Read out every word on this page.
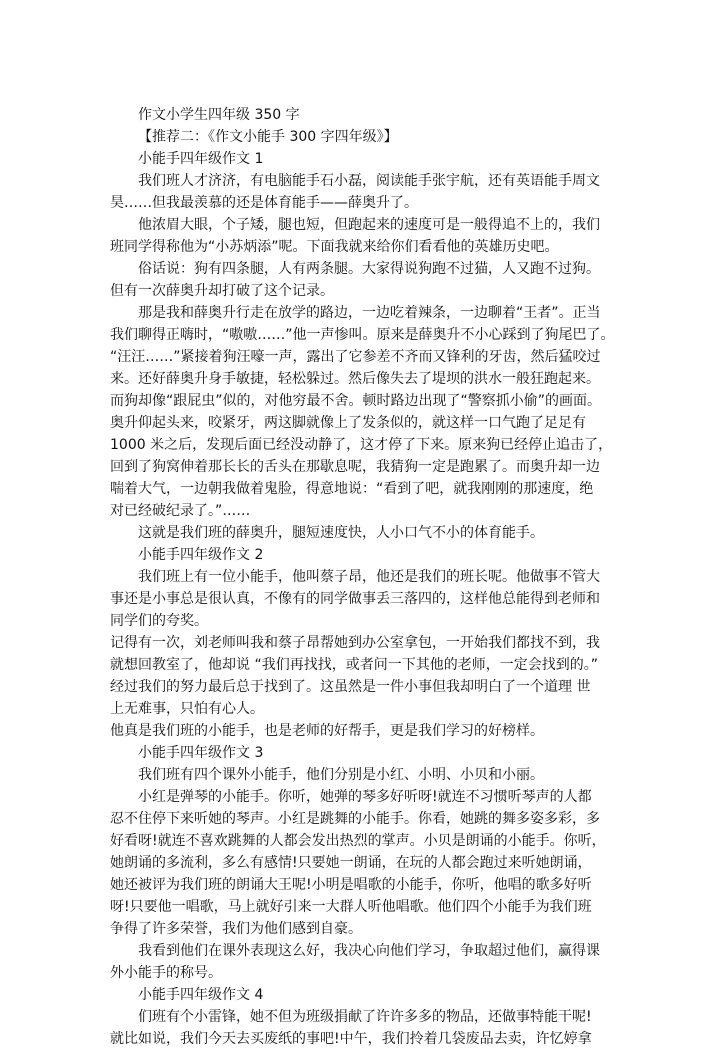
作文小学生四年级 350 字
【推荐二：《作文小能手 300 字四年级》】
小能手四年级作文 1
我们班人才济济，有电脑能手石小磊，阅读能手张宇航，还有英语能手周文
昊……但我最羡慕的还是体育能手——薛奥升了。
他浓眉大眼，个子矮，腿也短，但跑起来的速度可是一般得追不上的，我们
班同学得称他为“小苏炳添”呢。下面我就来给你们看看他的英雄历史吧。
俗话说：狗有四条腿，人有两条腿。大家得说狗跑不过猫，人又跑不过狗。
但有一次薛奥升却打破了这个记录。
那是我和薛奥升行走在放学的路边，一边吃着辣条，一边聊着“王者”。正当
我们聊得正嗨时，“嗷嗷……”他一声惨叫。原来是薛奥升不小心踩到了狗尾巴了。
“汪汪……”紧接着狗汪嚎一声，露出了它参差不齐而又锋利的牙齿，然后猛咬过
来。还好薛奥升身手敏捷，轻松躲过。然后像失去了堤坝的洪水一般狂跑起来。
而狗却像“跟屁虫”似的，对他穷最不舍。顿时路边出现了“警察抓小偷”的画面。
奥升仰起头来，咬紧牙，两这脚就像上了发条似的，就这样一口气跑了足足有
1000 米之后，发现后面已经没动静了，这才停了下来。原来狗已经停止追击了，
回到了狗窝伸着那长长的舌头在那歇息呢，我猜狗一定是跑累了。而奥升却一边
喘着大气，一边朝我做着鬼脸，得意地说：“看到了吧，就我刚刚的那速度，绝
对已经破纪录了。”……
这就是我们班的薛奥升，腿短速度快，人小口气不小的体育能手。
小能手四年级作文 2
我们班上有一位小能手，他叫蔡子昂，他还是我们的班长呢。他做事不管大
事还是小事总是很认真，不像有的同学做事丢三落四的，这样他总能得到老师和
同学们的夸奖。
记得有一次，刘老师叫我和蔡子昂帮她到办公室拿包，一开始我们都找不到，我
就想回教室了，他却说 “我们再找找，或者问一下其他的老师，一定会找到的。”
经过我们的努力最后总于找到了。这虽然是一件小事但我却明白了一个道理 世
上无难事，只怕有心人。
他真是我们班的小能手，也是老师的好帮手，更是我们学习的好榜样。
小能手四年级作文 3
我们班有四个课外小能手，他们分别是小红、小明、小贝和小丽。
小红是弹琴的小能手。你听，她弹的琴多好听呀!就连不习惯听琴声的人都
忍不住停下来听她的琴声。小红是跳舞的小能手。你看，她跳的舞多姿多彩，多
好看呀!就连不喜欢跳舞的人都会发出热烈的掌声。小贝是朗诵的小能手。你听，
她朗诵的多流利，多么有感情!只要她一朗诵，在玩的人都会跑过来听她朗诵，
她还被评为我们班的朗诵大王呢!小明是唱歌的小能手，你听，他唱的歌多好听
呀!只要他一唱歌，马上就好引来一大群人听他唱歌。他们四个小能手为我们班
争得了许多荣誉，我们为他们感到自豪。
我看到他们在课外表现这么好，我决心向他们学习，争取超过他们，赢得课
外小能手的称号。
小能手四年级作文 4
们班有个小雷锋，她不但为班级捐献了许许多多的物品，还做事特能干呢!
就比如说，我们今天去买废纸的事吧!中午，我们拎着几袋废品去卖，许忆婷拿
